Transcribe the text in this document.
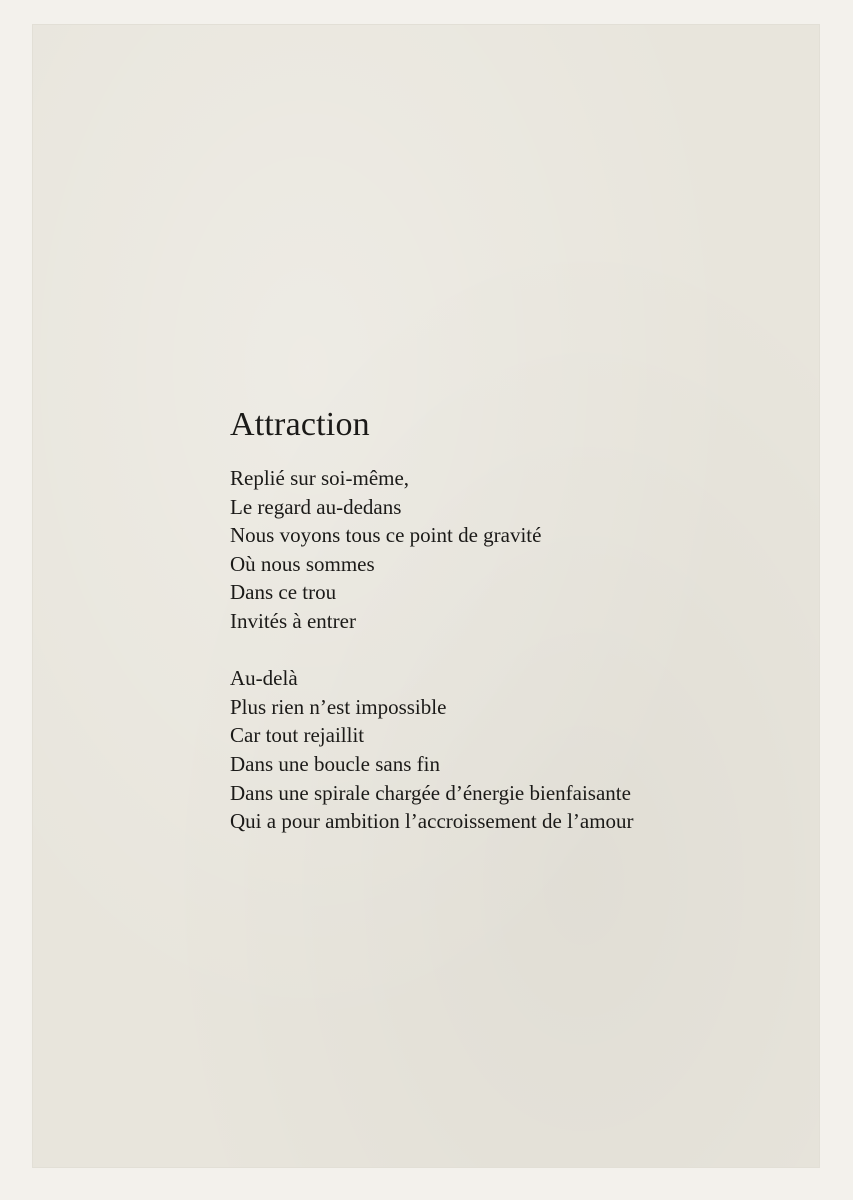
Attraction
Replié sur soi-même,
Le regard au-dedans
Nous voyons tous ce point de gravité
Où nous sommes
Dans ce trou
Invités à entrer
Au-delà
Plus rien n’est impossible
Car tout rejaillit
Dans une boucle sans fin
Dans une spirale chargée d’énergie bienfaisante
Qui a pour ambition l’accroissement de l’amour
